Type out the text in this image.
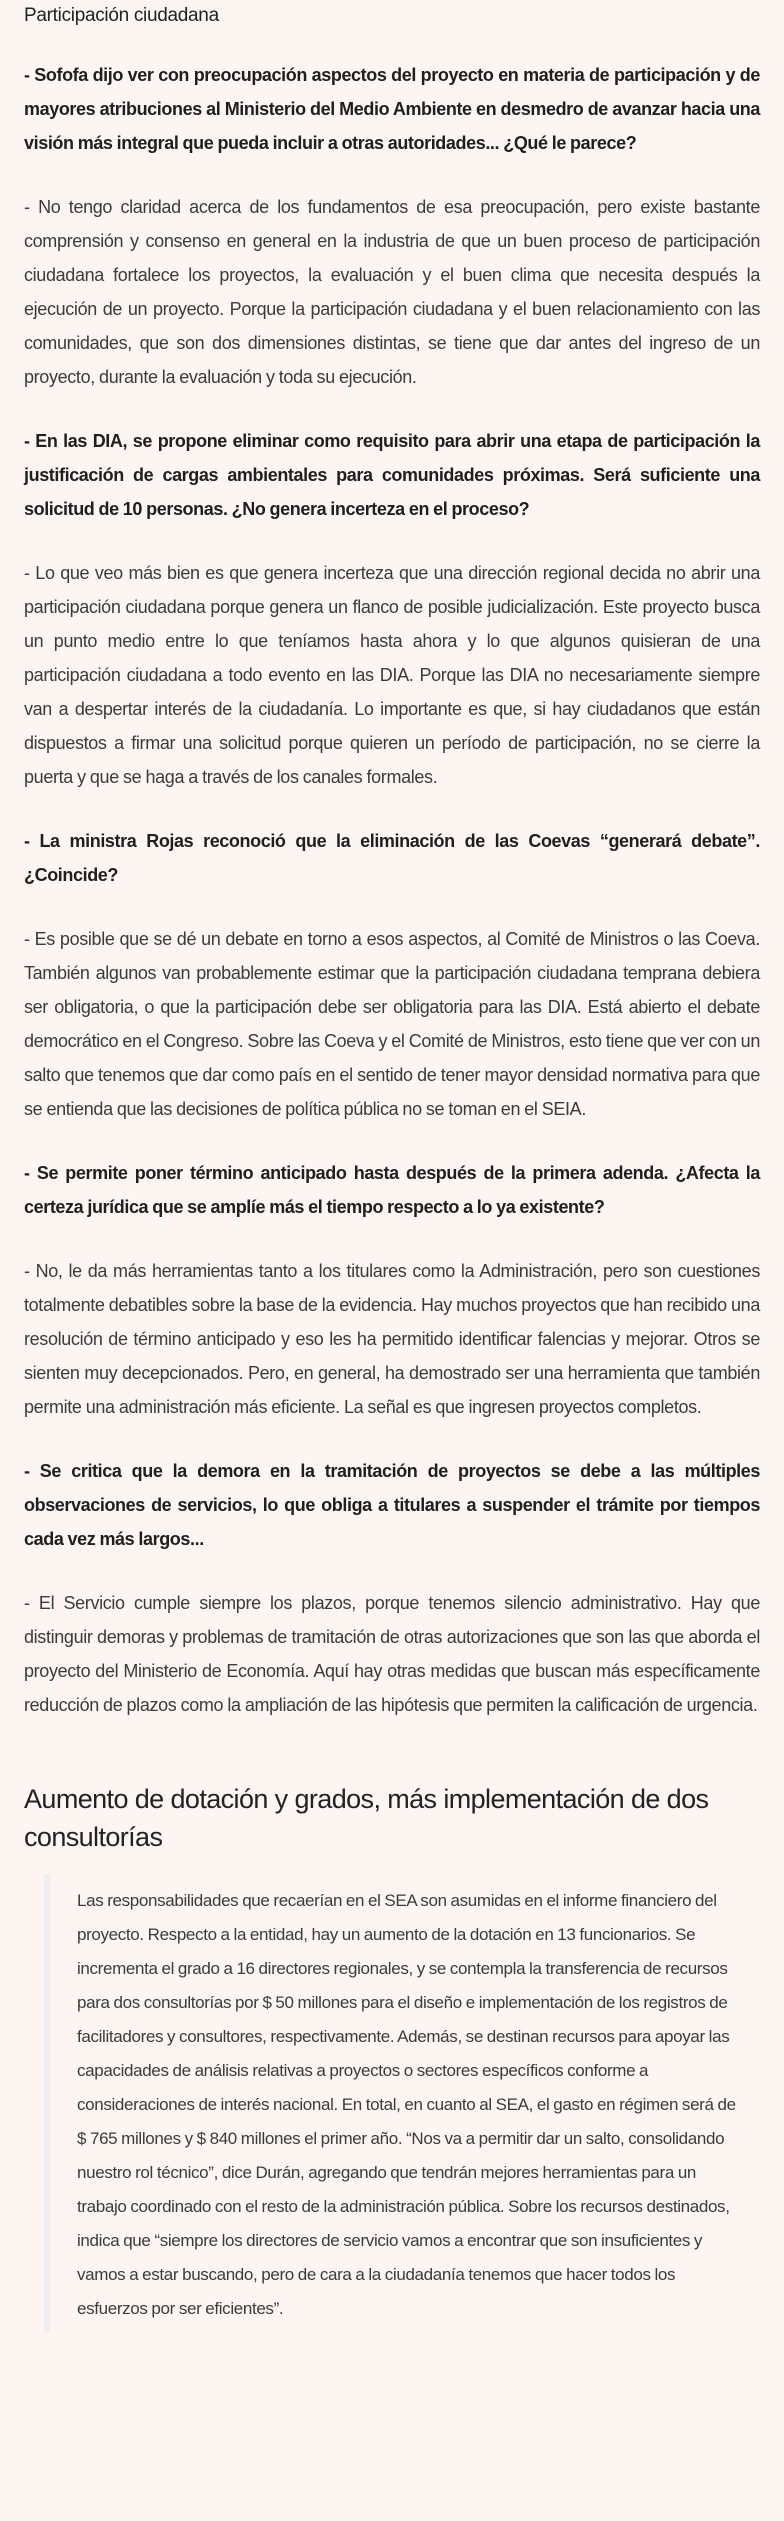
Participación ciudadana

- Sofofa dijo ver con preocupación aspectos del proyecto en materia de participación y de mayores atribuciones al Ministerio del Medio Ambiente en desmedro de avanzar hacia una visión más integral que pueda incluir a otras autoridades... ¿Qué le parece?

- No tengo claridad acerca de los fundamentos de esa preocupación, pero existe bastante comprensión y consenso en general en la industria de que un buen proceso de participación ciudadana fortalece los proyectos, la evaluación y el buen clima que necesita después la ejecución de un proyecto. Porque la participación ciudadana y el buen relacionamiento con las comunidades, que son dos dimensiones distintas, se tiene que dar antes del ingreso de un proyecto, durante la evaluación y toda su ejecución.

- En las DIA, se propone eliminar como requisito para abrir una etapa de participación la justificación de cargas ambientales para comunidades próximas. Será suficiente una solicitud de 10 personas. ¿No genera incerteza en el proceso?

- Lo que veo más bien es que genera incerteza que una dirección regional decida no abrir una participación ciudadana porque genera un flanco de posible judicialización. Este proyecto busca un punto medio entre lo que teníamos hasta ahora y lo que algunos quisieran de una participación ciudadana a todo evento en las DIA. Porque las DIA no necesariamente siempre van a despertar interés de la ciudadanía. Lo importante es que, si hay ciudadanos que están dispuestos a firmar una solicitud porque quieren un período de participación, no se cierre la puerta y que se haga a través de los canales formales.

- La ministra Rojas reconoció que la eliminación de las Coevas “generará debate”. ¿Coincide?

- Es posible que se dé un debate en torno a esos aspectos, al Comité de Ministros o las Coeva. También algunos van probablemente estimar que la participación ciudadana temprana debiera ser obligatoria, o que la participación debe ser obligatoria para las DIA. Está abierto el debate democrático en el Congreso. Sobre las Coeva y el Comité de Ministros, esto tiene que ver con un salto que tenemos que dar como país en el sentido de tener mayor densidad normativa para que se entienda que las decisiones de política pública no se toman en el SEIA.

- Se permite poner término anticipado hasta después de la primera adenda. ¿Afecta la certeza jurídica que se amplíe más el tiempo respecto a lo ya existente?

- No, le da más herramientas tanto a los titulares como la Administración, pero son cuestiones totalmente debatibles sobre la base de la evidencia. Hay muchos proyectos que han recibido una resolución de término anticipado y eso les ha permitido identificar falencias y mejorar. Otros se sienten muy decepcionados. Pero, en general, ha demostrado ser una herramienta que también permite una administración más eficiente. La señal es que ingresen proyectos completos.

- Se critica que la demora en la tramitación de proyectos se debe a las múltiples observaciones de servicios, lo que obliga a titulares a suspender el trámite por tiempos cada vez más largos...

- El Servicio cumple siempre los plazos, porque tenemos silencio administrativo. Hay que distinguir demoras y problemas de tramitación de otras autorizaciones que son las que aborda el proyecto del Ministerio de Economía. Aquí hay otras medidas que buscan más específicamente reducción de plazos como la ampliación de las hipótesis que permiten la calificación de urgencia.

Aumento de dotación y grados, más implementación de dos consultorías
Las responsabilidades que recaerían en el SEA son asumidas en el informe financiero del proyecto. Respecto a la entidad, hay un aumento de la dotación en 13 funcionarios. Se incrementa el grado a 16 directores regionales, y se contempla la transferencia de recursos para dos consultorías por $ 50 millones para el diseño e implementación de los registros de facilitadores y consultores, respectivamente. Además, se destinan recursos para apoyar las capacidades de análisis relativas a proyectos o sectores específicos conforme a consideraciones de interés nacional. En total, en cuanto al SEA, el gasto en régimen será de $ 765 millones y $ 840 millones el primer año. “Nos va a permitir dar un salto, consolidando nuestro rol técnico”, dice Durán, agregando que tendrán mejores herramientas para un trabajo coordinado con el resto de la administración pública. Sobre los recursos destinados, indica que “siempre los directores de servicio vamos a encontrar que son insuficientes y vamos a estar buscando, pero de cara a la ciudadanía tenemos que hacer todos los esfuerzos por ser eficientes”.
